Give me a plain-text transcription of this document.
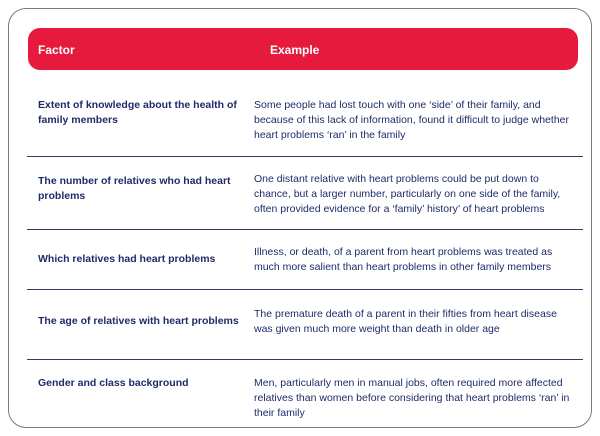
Factor	Example
Extent of knowledge about the health of family members
Some people had lost touch with one ‘side’ of their family, and because of this lack of information, found it difficult to judge whether heart problems ‘ran’ in the family
The number of relatives who had heart problems
One distant relative with heart problems could be put down to chance, but a larger number, particularly on one side of the family, often provided evidence for a ‘family’ history’ of heart problems
Which relatives had heart problems
Illness, or death, of a parent from heart problems was treated as much more salient than heart problems in other family members
The age of relatives with heart problems
The premature death of a parent in their fifties from heart disease was given much more weight than death in older age
Gender and class background	Men, particularly men in manual jobs, often required more affected relatives than women before considering that heart problems ‘ran’ in their family
